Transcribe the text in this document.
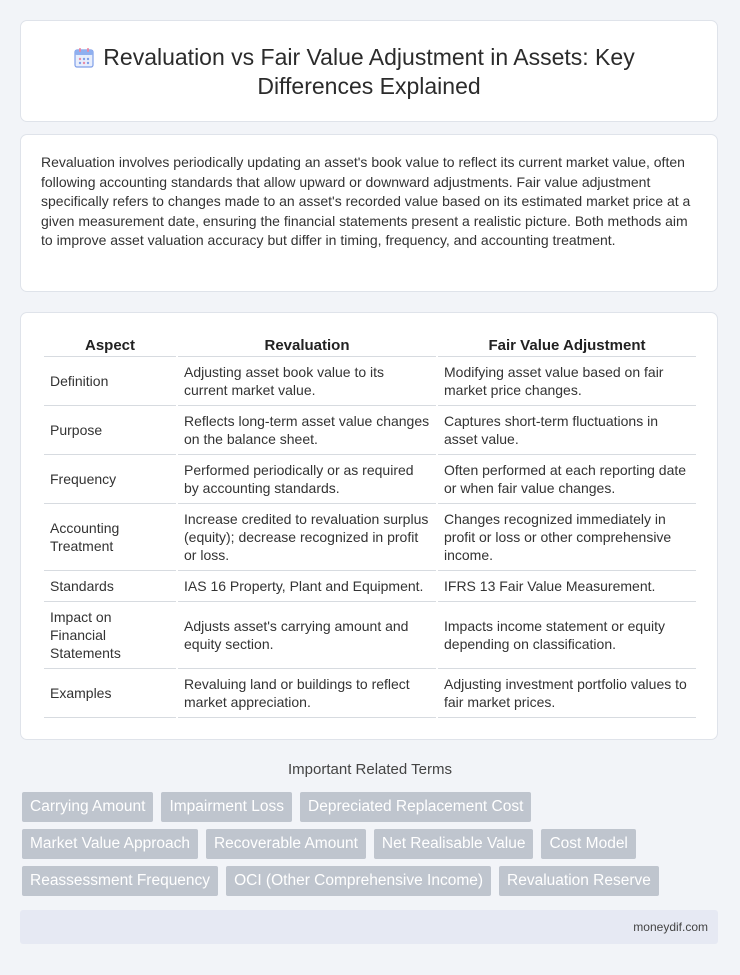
Revaluation vs Fair Value Adjustment in Assets: Key Differences Explained

Revaluation involves periodically updating an asset's book value to reflect its current market value, often following accounting standards that allow upward or downward adjustments. Fair value adjustment specifically refers to changes made to an asset's recorded value based on its estimated market price at a given measurement date, ensuring the financial statements present a realistic picture. Both methods aim to improve asset valuation accuracy but differ in timing, frequency, and accounting treatment.

Aspect	Revaluation	Fair Value Adjustment
Definition	Adjusting asset book value to its current market value.	Modifying asset value based on fair market price changes.
Purpose	Reflects long-term asset value changes on the balance sheet.	Captures short-term fluctuations in asset value.
Frequency	Performed periodically or as required by accounting standards.	Often performed at each reporting date or when fair value changes.
Accounting Treatment	Increase credited to revaluation surplus (equity); decrease recognized in profit or loss.	Changes recognized immediately in profit or loss or other comprehensive income.
Standards	IAS 16 Property, Plant and Equipment.	IFRS 13 Fair Value Measurement.
Impact on Financial Statements	Adjusts asset's carrying amount and equity section.	Impacts income statement or equity depending on classification.
Examples	Revaluing land or buildings to reflect market appreciation.	Adjusting investment portfolio values to fair market prices.
Important Related Terms
Carrying Amount	Impairment Loss	Depreciated Replacement Cost
Market Value Approach	Recoverable Amount	Net Realisable Value	Cost Model
Reassessment Frequency	OCI (Other Comprehensive Income)	Revaluation Reserve
moneydif.com
